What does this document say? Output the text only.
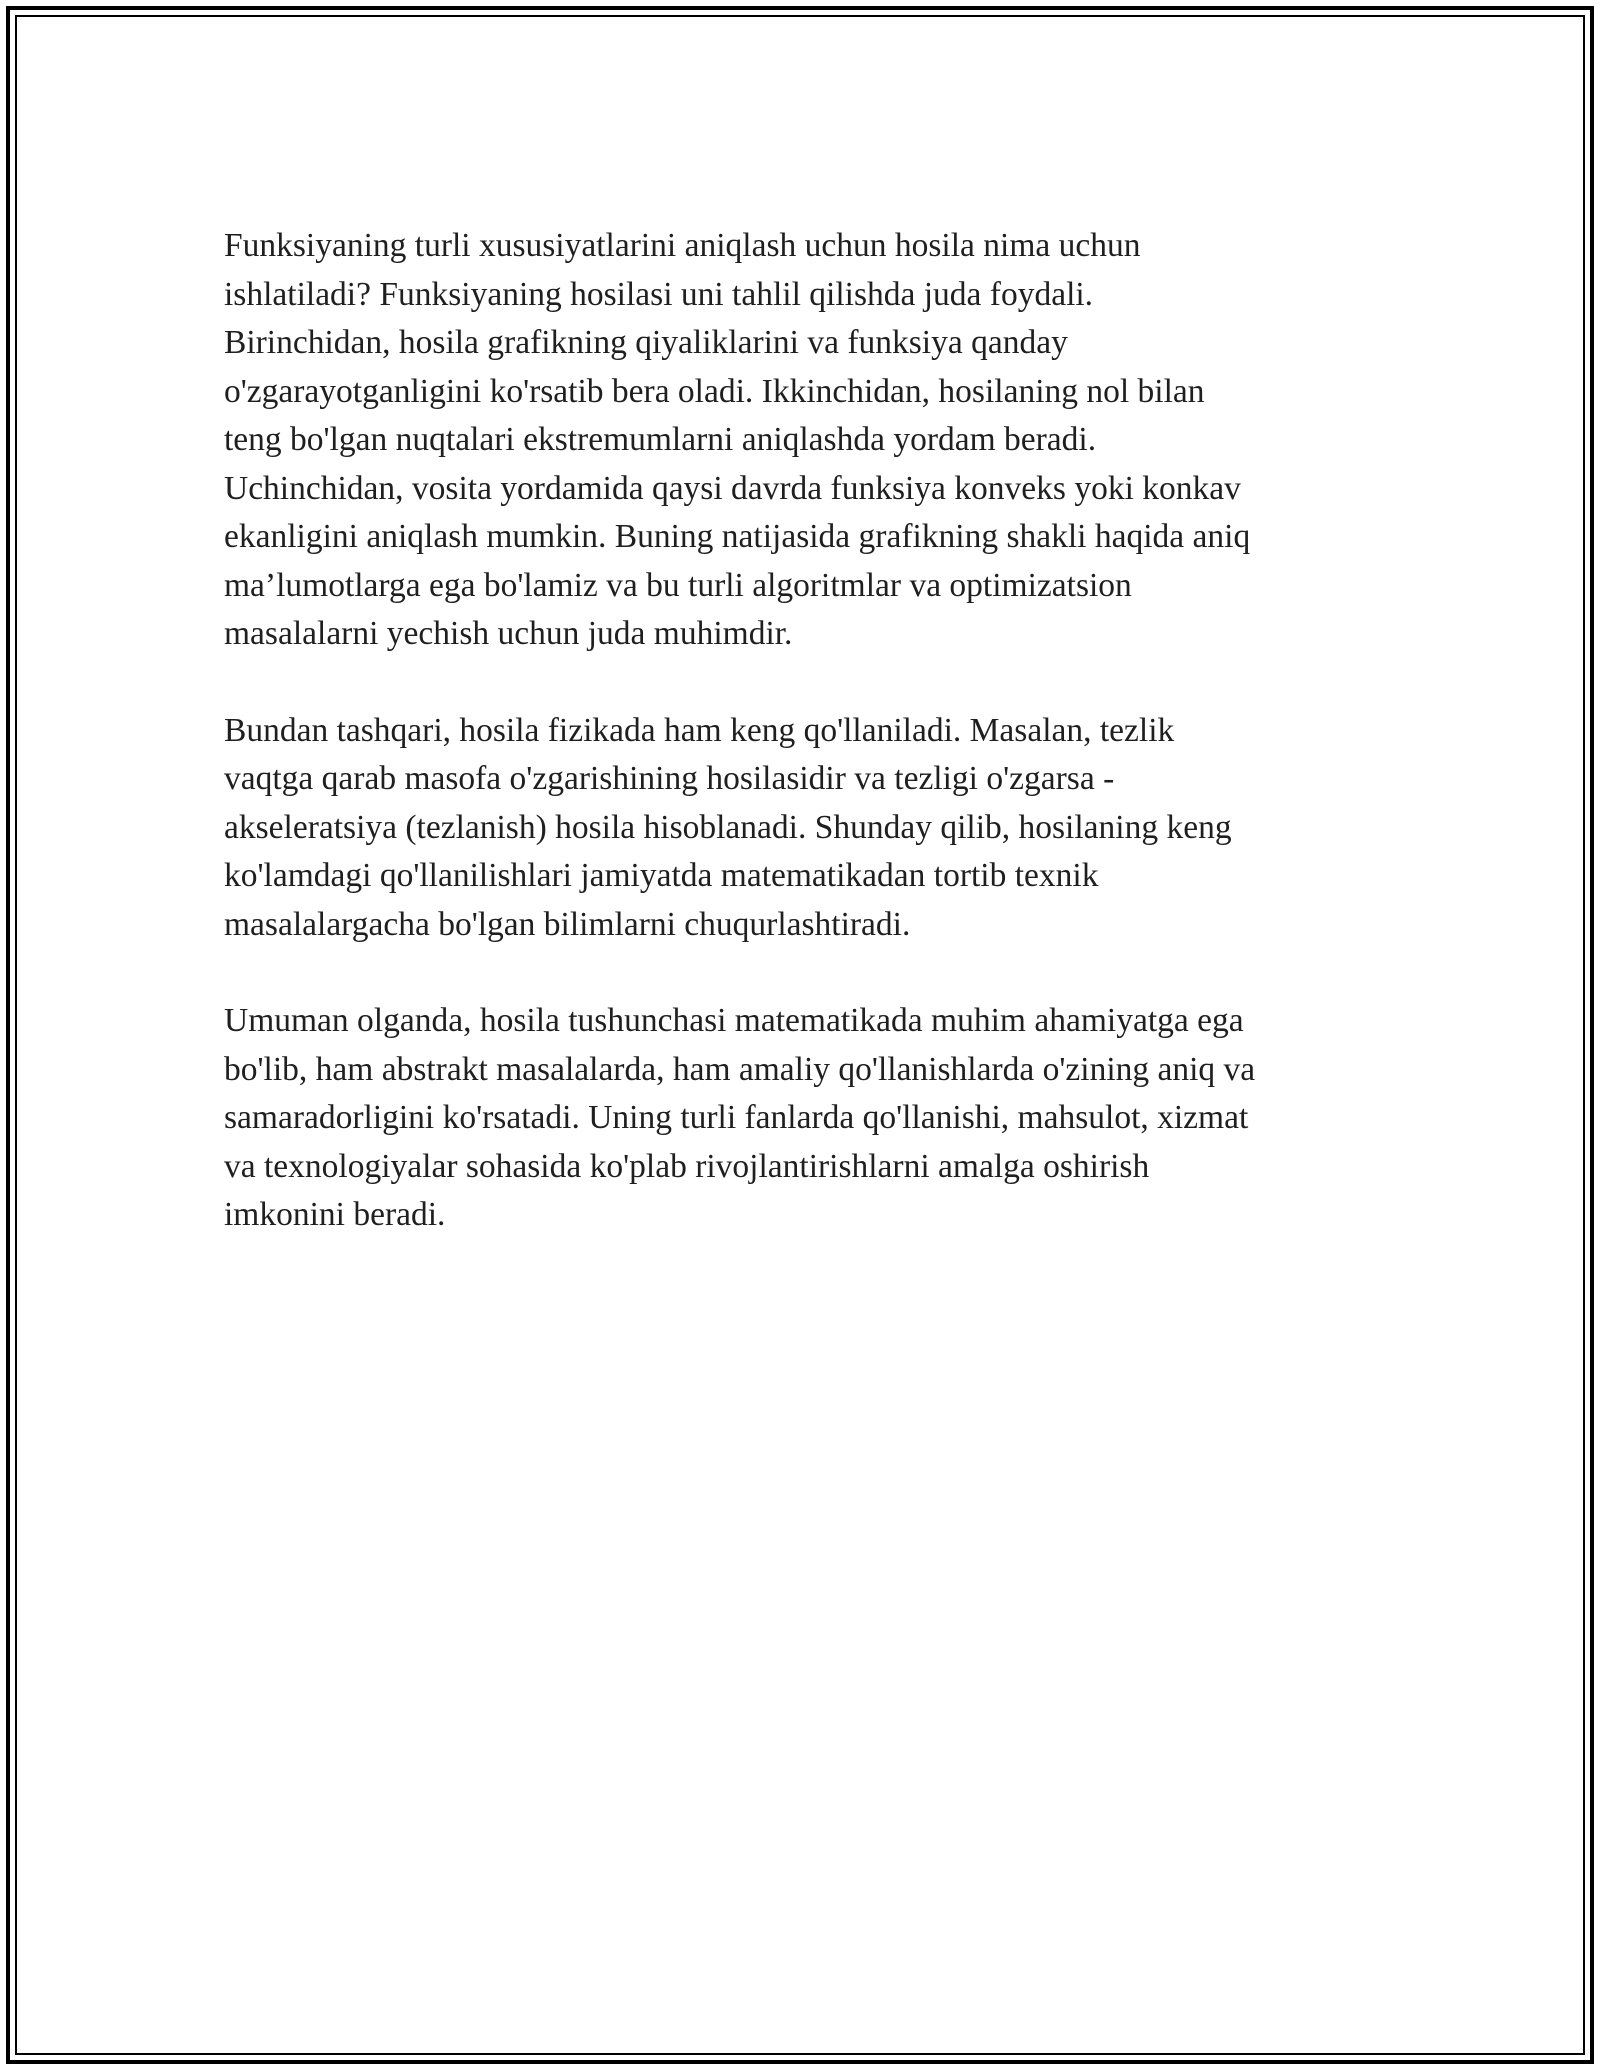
Funksiyaning turli xususiyatlarini aniqlash uchun hosila nima uchun
ishlatiladi? Funksiyaning hosilasi uni tahlil qilishda juda foydali.
Birinchidan, hosila grafikning qiyaliklarini va funksiya qanday
o'zgarayotganligini ko'rsatib bera oladi. Ikkinchidan, hosilaning nol bilan
teng bo'lgan nuqtalari ekstremumlarni aniqlashda yordam beradi.
Uchinchidan, vosita yordamida qaysi davrda funksiya konveks yoki konkav
ekanligini aniqlash mumkin. Buning natijasida grafikning shakli haqida aniq
ma’lumotlarga ega bo'lamiz va bu turli algoritmlar va optimizatsion
masalalarni yechish uchun juda muhimdir.

Bundan tashqari, hosila fizikada ham keng qo'llaniladi. Masalan, tezlik
vaqtga qarab masofa o'zgarishining hosilasidir va tezligi o'zgarsa -
akseleratsiya (tezlanish) hosila hisoblanadi. Shunday qilib, hosilaning keng
ko'lamdagi qo'llanilishlari jamiyatda matematikadan tortib texnik
masalalargacha bo'lgan bilimlarni chuqurlashtiradi.

Umuman olganda, hosila tushunchasi matematikada muhim ahamiyatga ega
bo'lib, ham abstrakt masalalarda, ham amaliy qo'llanishlarda o'zining aniq va
samaradorligini ko'rsatadi. Uning turli fanlarda qo'llanishi, mahsulot, xizmat
va texnologiyalar sohasida ko'plab rivojlantirishlarni amalga oshirish
imkonini beradi.
